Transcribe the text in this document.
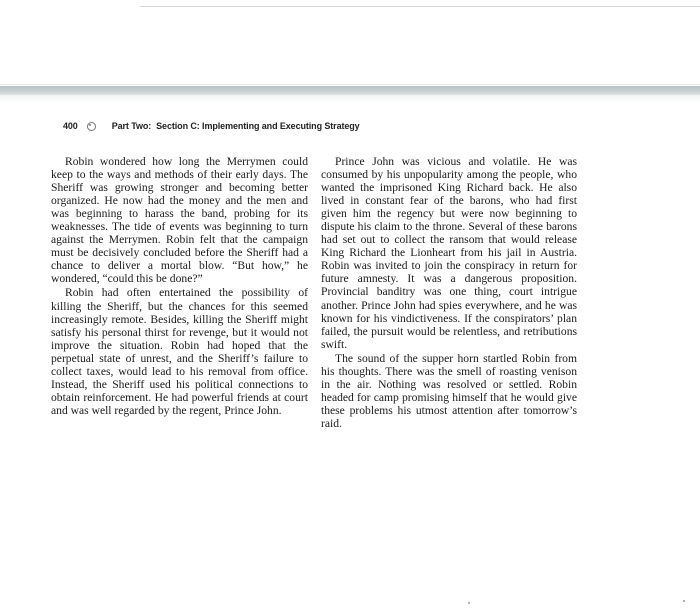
400	Part Two: Section C: Implementing and Executing Strategy

Robin wondered how long the Merrymen could keep to the ways and methods of their early days. The Sheriff was growing stronger and becoming better organized. He now had the money and the men and was beginning to harass the band, probing for its weaknesses. The tide of events was beginning to turn against the Merrymen. Robin felt that the campaign must be decisively concluded before the Sheriff had a chance to deliver a mortal blow. “But how,” he wondered, “could this be done?”

Robin had often entertained the possibility of killing the Sheriff, but the chances for this seemed increasingly remote. Besides, killing the Sheriff might satisfy his personal thirst for revenge, but it would not improve the situation. Robin had hoped that the perpetual state of unrest, and the Sheriff’s failure to collect taxes, would lead to his removal from office. Instead, the Sheriff used his political connections to obtain reinforcement. He had powerful friends at court and was well regarded by the regent, Prince John.

Prince John was vicious and volatile. He was consumed by his unpopularity among the people, who wanted the imprisoned King Richard back. He also lived in constant fear of the barons, who had first given him the regency but were now beginning to dispute his claim to the throne. Several of these barons had set out to collect the ransom that would release King Richard the Lionheart from his jail in Austria. Robin was invited to join the conspiracy in return for future amnesty. It was a dangerous proposition. Provincial banditry was one thing, court intrigue another. Prince John had spies everywhere, and he was known for his vindictiveness. If the conspirators’ plan failed, the pursuit would be relentless, and retributions swift.

The sound of the supper horn startled Robin from his thoughts. There was the smell of roasting venison in the air. Nothing was resolved or settled. Robin headed for camp promising himself that he would give these problems his utmost attention after tomorrow’s raid.
